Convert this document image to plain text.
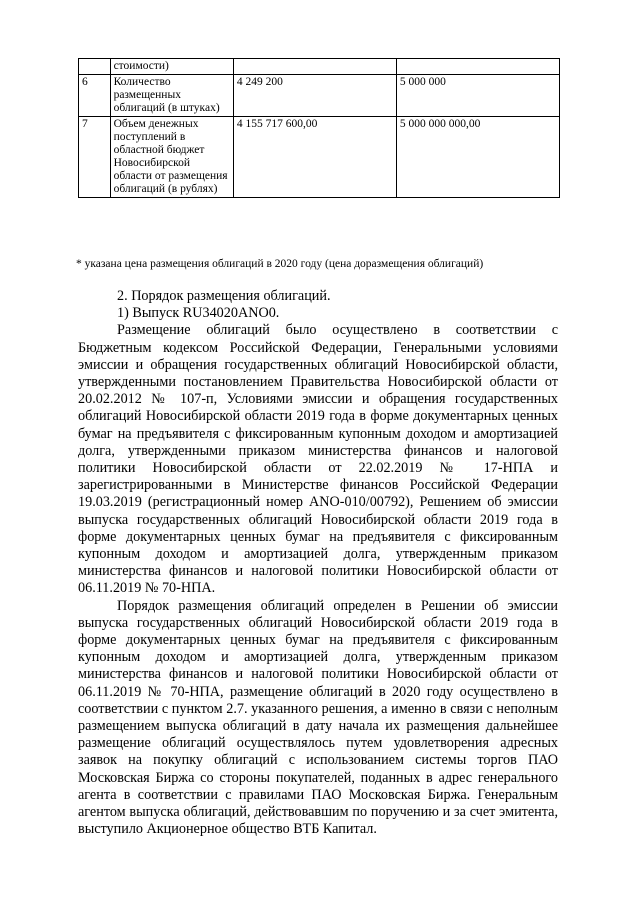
	стоимости)		
6	Количество размещенных облигаций (в штуках)	4 249 200	5 000 000
7	Объем денежных поступлений в областной бюджет Новосибирской области от размещения облигаций (в рублях)	4 155 717 600,00	5 000 000 000,00
* указана цена размещения облигаций в 2020 году (цена доразмещения облигаций)

2. Порядок размещения облигаций.

1) Выпуск RU34020ANO0.

Размещение облигаций было осуществлено в соответствии с Бюджетным кодексом Российской Федерации, Генеральными условиями эмиссии и обращения государственных облигаций Новосибирской области, утвержденными постановлением Правительства Новосибирской области от 20.02.2012 № 107-п, Условиями эмиссии и обращения государственных облигаций Новосибирской области 2019 года в форме документарных ценных бумаг на предъявителя с фиксированным купонным доходом и амортизацией долга, утвержденными приказом министерства финансов и налоговой политики Новосибирской области от 22.02.2019 № 17-НПА и зарегистрированными в Министерстве финансов Российской Федерации 19.03.2019 (регистрационный номер ANO-010/00792), Решением об эмиссии выпуска государственных облигаций Новосибирской области 2019 года в форме документарных ценных бумаг на предъявителя с фиксированным купонным доходом и амортизацией долга, утвержденным приказом министерства финансов и налоговой политики Новосибирской области от 06.11.2019 № 70-НПА.

Порядок размещения облигаций определен в Решении об эмиссии выпуска государственных облигаций Новосибирской области 2019 года в форме документарных ценных бумаг на предъявителя с фиксированным купонным доходом и амортизацией долга, утвержденным приказом министерства финансов и налоговой политики Новосибирской области от 06.11.2019 № 70-НПА, размещение облигаций в 2020 году осуществлено в соответствии с пунктом 2.7. указанного решения, а именно в связи с неполным размещением выпуска облигаций в дату начала их размещения дальнейшее размещение облигаций осуществлялось путем удовлетворения адресных заявок на покупку облигаций с использованием системы торгов ПАО Московская Биржа со стороны покупателей, поданных в адрес генерального агента в соответствии с правилами ПАО Московская Биржа. Генеральным агентом выпуска облигаций, действовавшим по поручению и за счет эмитента, выступило Акционерное общество ВТБ Капитал.
